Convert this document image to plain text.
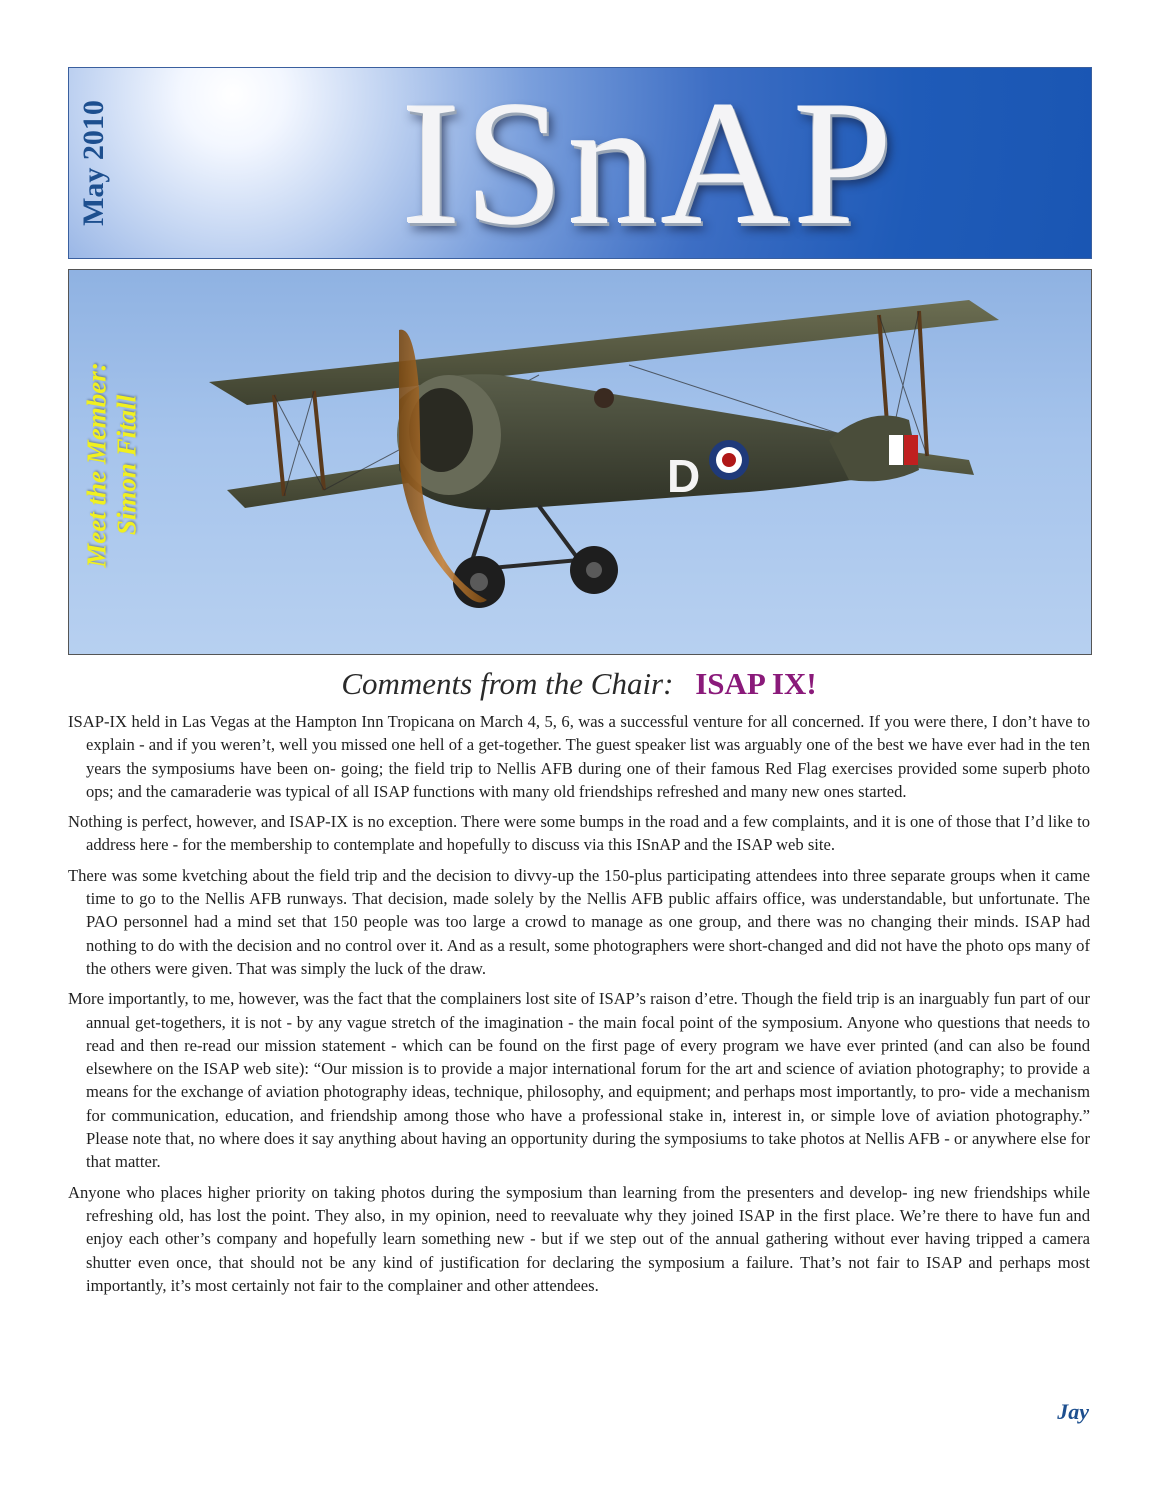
May 2010 ISnAP
D
Meet the Member:
Simon Fitall
Comments from the Chair: ISAP IX!

ISAP-IX held in Las Vegas at the Hampton Inn Tropicana on March 4, 5, 6, was a successful venture for all concerned. If you were there, I don’t have to explain - and if you weren’t, well you missed one hell of a get-together. The guest speaker list was arguably one of the best we have ever had in the ten years the symposiums have been on- going; the field trip to Nellis AFB during one of their famous Red Flag exercises provided some superb photo ops; and the camaraderie was typical of all ISAP functions with many old friendships refreshed and many new ones started.

Nothing is perfect, however, and ISAP-IX is no exception. There were some bumps in the road and a few complaints, and it is one of those that I’d like to address here - for the membership to contemplate and hopefully to discuss via this ISnAP and the ISAP web site.

There was some kvetching about the field trip and the decision to divvy-up the 150-plus participating attendees into three separate groups when it came time to go to the Nellis AFB runways. That decision, made solely by the Nellis AFB public affairs office, was understandable, but unfortunate. The PAO personnel had a mind set that 150 people was too large a crowd to manage as one group, and there was no changing their minds. ISAP had nothing to do with the decision and no control over it. And as a result, some photographers were short-changed and did not have the photo ops many of the others were given. That was simply the luck of the draw.

More importantly, to me, however, was the fact that the complainers lost site of ISAP’s raison d’etre. Though the field trip is an inarguably fun part of our annual get-togethers, it is not - by any vague stretch of the imagination - the main focal point of the symposium. Anyone who questions that needs to read and then re-read our mission statement - which can be found on the first page of every program we have ever printed (and can also be found elsewhere on the ISAP web site): “Our mission is to provide a major international forum for the art and science of aviation photography; to provide a means for the exchange of aviation photography ideas, technique, philosophy, and equipment; and perhaps most importantly, to pro- vide a mechanism for communication, education, and friendship among those who have a professional stake in, interest in, or simple love of aviation photography.” Please note that, no where does it say anything about having an opportunity during the symposiums to take photos at Nellis AFB - or anywhere else for that matter.

Anyone who places higher priority on taking photos during the symposium than learning from the presenters and develop- ing new friendships while refreshing old, has lost the point. They also, in my opinion, need to reevaluate why they joined ISAP in the first place. We’re there to have fun and enjoy each other’s company and hopefully learn something new - but if we step out of the annual gathering without ever having tripped a camera shutter even once, that should not be any kind of justification for declaring the symposium a failure. That’s not fair to ISAP and perhaps most importantly, it’s most certainly not fair to the complainer and other attendees.

Jay
